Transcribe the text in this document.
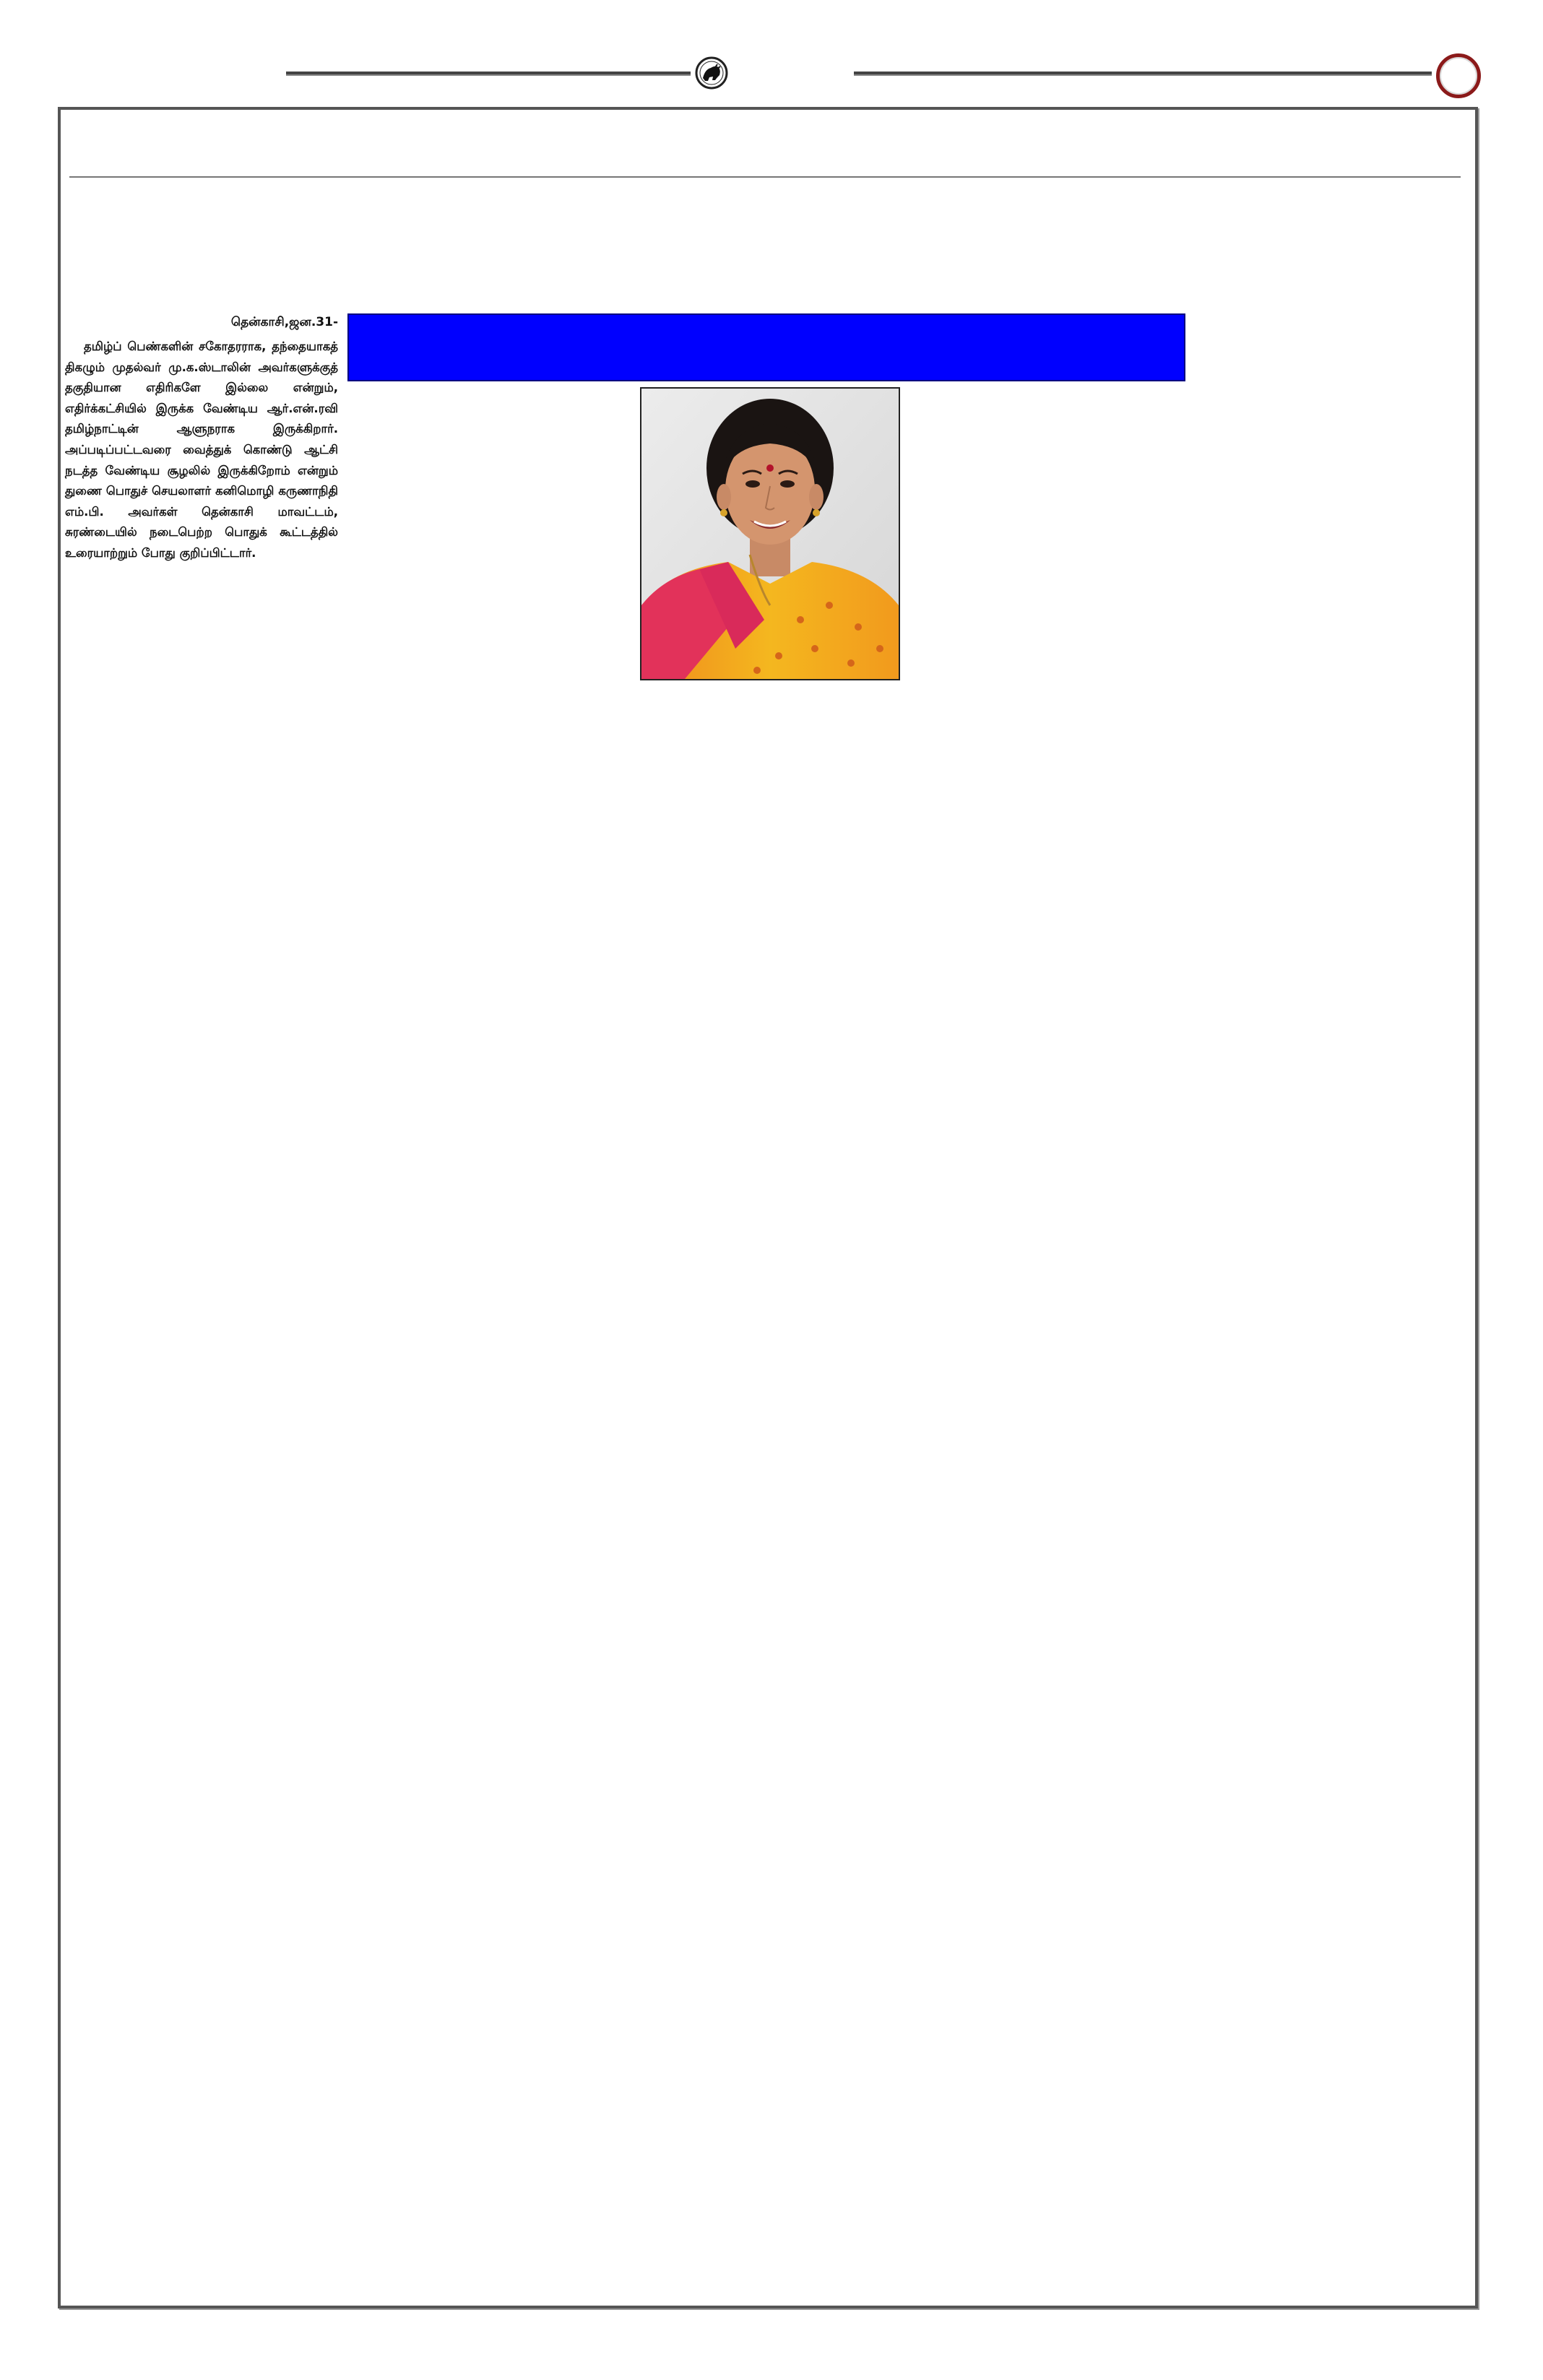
தென்காசி,ஜன.31-

தமிழ்ப் பெண்களின் சகோதரராக, தந்தையாகத் திகழும் முதல்வர் மு.க.ஸ்டாலின் அவர்களுக்குத் தகுதியான எதிரிகளே இல்லை என்றும், எதிர்க்கட்சியில் இருக்க வேண்டிய ஆர்.என்.ரவி தமிழ்நாட்டின் ஆளுநராக இருக்கிறார். அப்படிப்பட்டவரை வைத்துக் கொண்டு ஆட்சி நடத்த வேண்டிய சூழலில் இருக்கிறோம் என்றும் துணை பொதுச் செயலாளர் கனிமொழி கருணாநிதி எம்.பி. அவர்கள் தென்காசி மாவட்டம், சுரண்டையில் நடைபெற்ற பொதுக் கூட்டத்தில் உரையாற்றும் போது குறிப்பிட்டார்.
